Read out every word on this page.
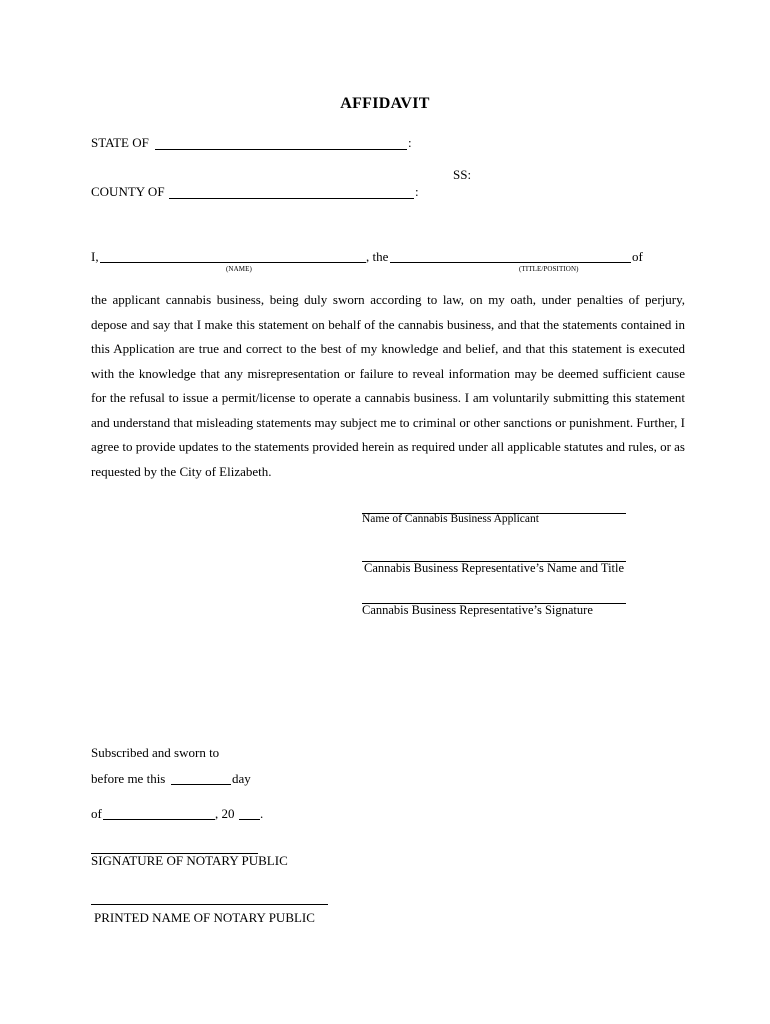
AFFIDAVIT
STATE OF	:
SS:
COUNTY OF	:
I,	, the	of
(NAME)	(TITLE/POSITION)
the applicant cannabis business, being duly sworn according to law, on my oath, under penalties of perjury, depose and say that I make this statement on behalf of the cannabis business, and that the statements contained in this Application are true and correct to the best of my knowledge and belief, and that this statement is executed with the knowledge that any misrepresentation or failure to reveal information may be deemed sufficient cause for the refusal to issue a permit/license to operate a cannabis business. I am voluntarily submitting this statement and understand that misleading statements may subject me to criminal or other sanctions or punishment. Further, I agree to provide updates to the statements provided herein as required under all applicable statutes and rules, or as requested by the City of Elizabeth.
Name of Cannabis Business Applicant
Cannabis Business Representative’s Name and Title
Cannabis Business Representative’s Signature
Subscribed and sworn to
before me this	day
of	, 20 .
SIGNATURE OF NOTARY PUBLIC
PRINTED NAME OF NOTARY PUBLIC
